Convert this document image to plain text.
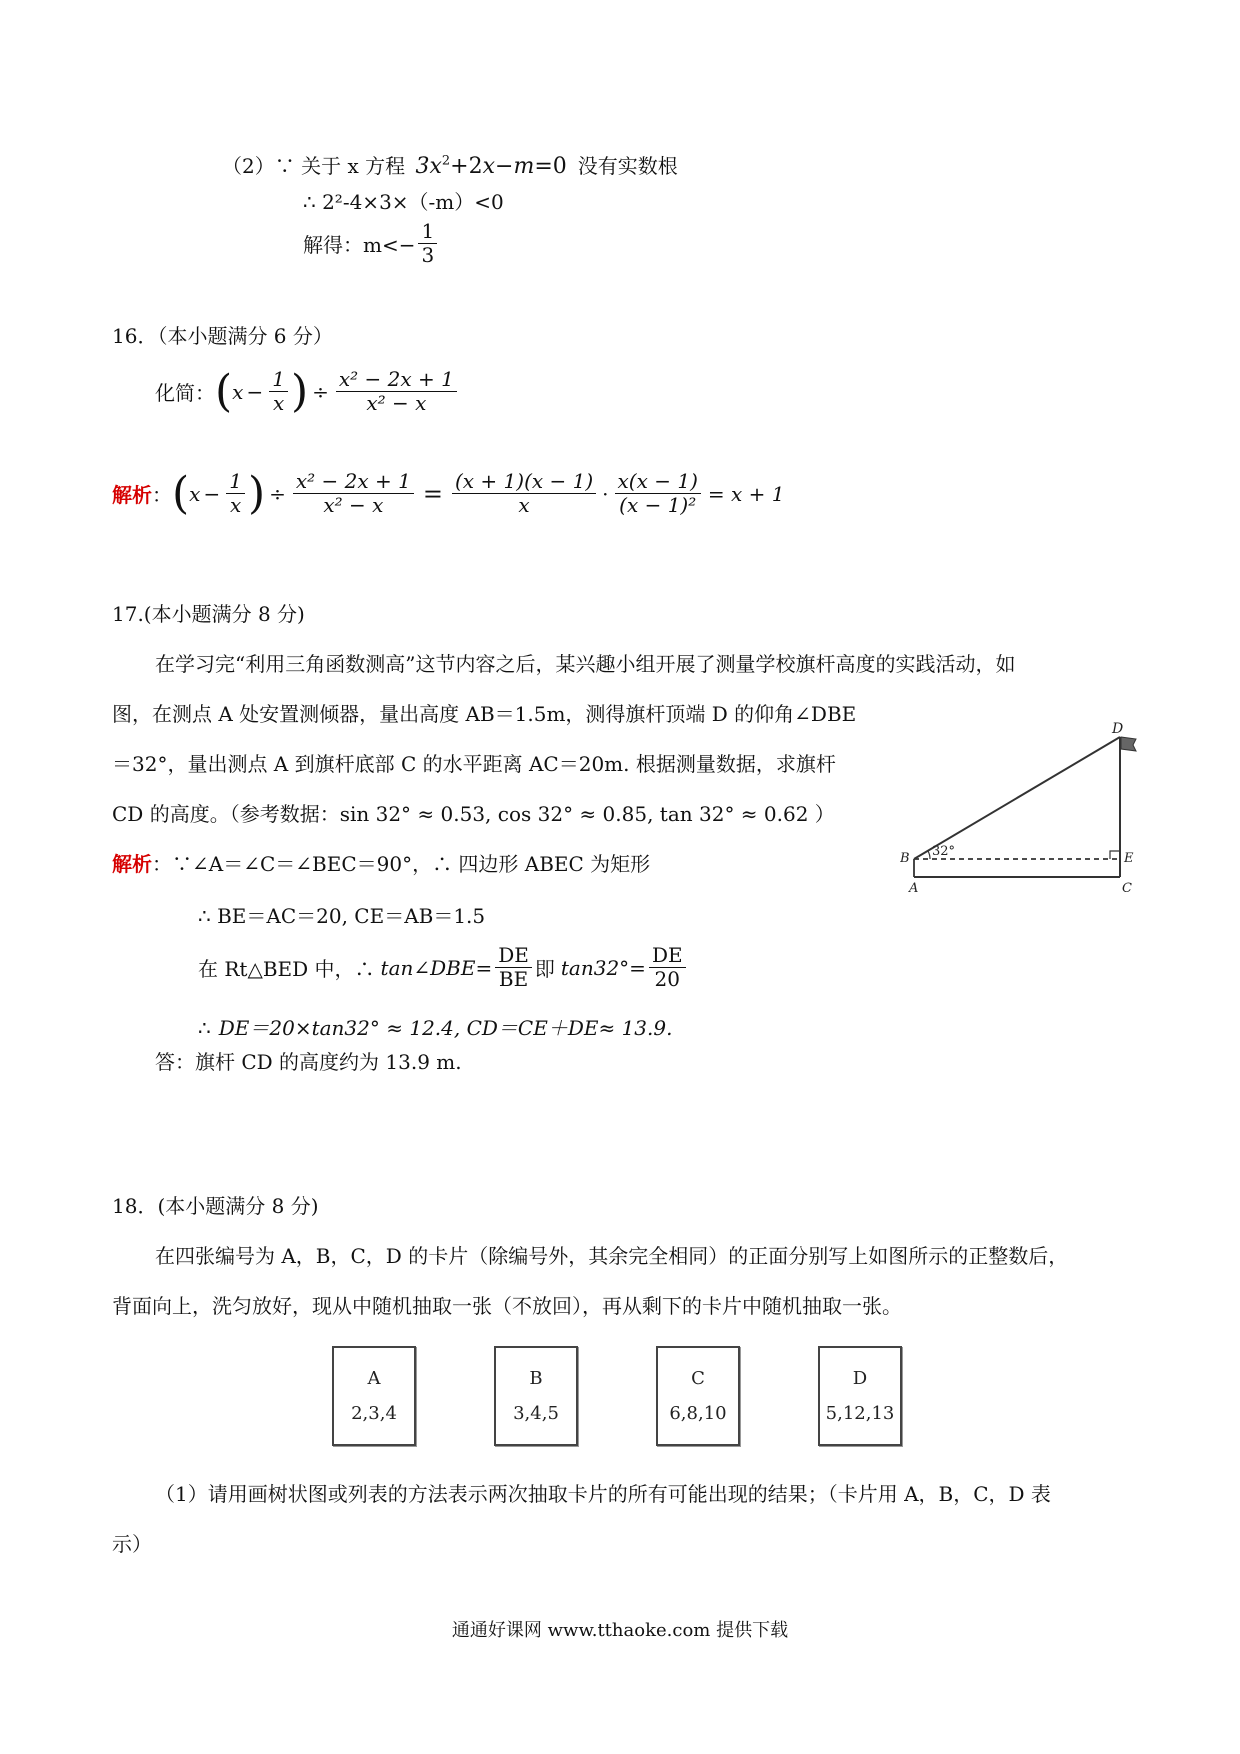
（2）∵ 关于 x 方程 $3x^2+2x-m=0$ 没有实数根
∴ 2²-4×3×（-m）<0
解得：$m<- \frac{1}{3}$
16．（本小题满分 6 分）
化简： ( $x - \frac{1}{x}$ ) ÷ $\frac{\text{x² − 2x + 1}}{\text{x² − x}}$
解析 ： ( $x - \frac{1}{x}$ ) ÷ $\frac{\text{x² − 2x + 1}}{\text{x² − x}} = \frac{(x + 1)(x - 1)}{x} \cdot \frac{x(x - 1)}{\text{(x − 1)²}} = x + 1$
17.(本小题满分 8 分)
在学习完“利用三角函数测高”这节内容之后，某兴趣小组开展了测量学校旗杆高度的实践活动，如
图，在测点 A 处安置测倾器，量出高度 AB＝1.5m，测得旗杆顶端 D 的仰角∠DBE
＝32°，量出测点 A 到旗杆底部 C 的水平距离 AC＝20m. 根据测量数据，求旗杆
CD 的高度。（参考数据：sin 32° ≈ 0.53, cos 32° ≈ 0.85, tan 32° ≈ 0.62 ）
D
B	E
A	C
32°
解析：∵∠A＝∠C＝∠BEC＝90°，∴ 四边形 ABEC 为矩形
∴ BE＝AC＝20, CE＝AB＝1.5
在 Rt△BED 中，∴ tan∠DBE= $\frac{DE}{BE}$ 即 $\tan 32^\circ= \frac{DE}{20}$
∴ DE＝20×tan32° ≈ 12.4, CD＝CE＋DE≈ 13.9.
答：旗杆 CD 的高度约为 13.9 m.
18．(本小题满分 8 分)
在四张编号为 A，B，C，D 的卡片（除编号外，其余完全相同）的正面分别写上如图所示的正整数后，
背面向上，洗匀放好，现从中随机抽取一张（不放回），再从剩下的卡片中随机抽取一张。
A
2,3,4
B
3,4,5
C
6,8,10
D
5,12,13
（1）请用画树状图或列表的方法表示两次抽取卡片的所有可能出现的结果；（卡片用 A，B，C，D 表
示）
通通好课网 www.tthaoke.com 提供下载
